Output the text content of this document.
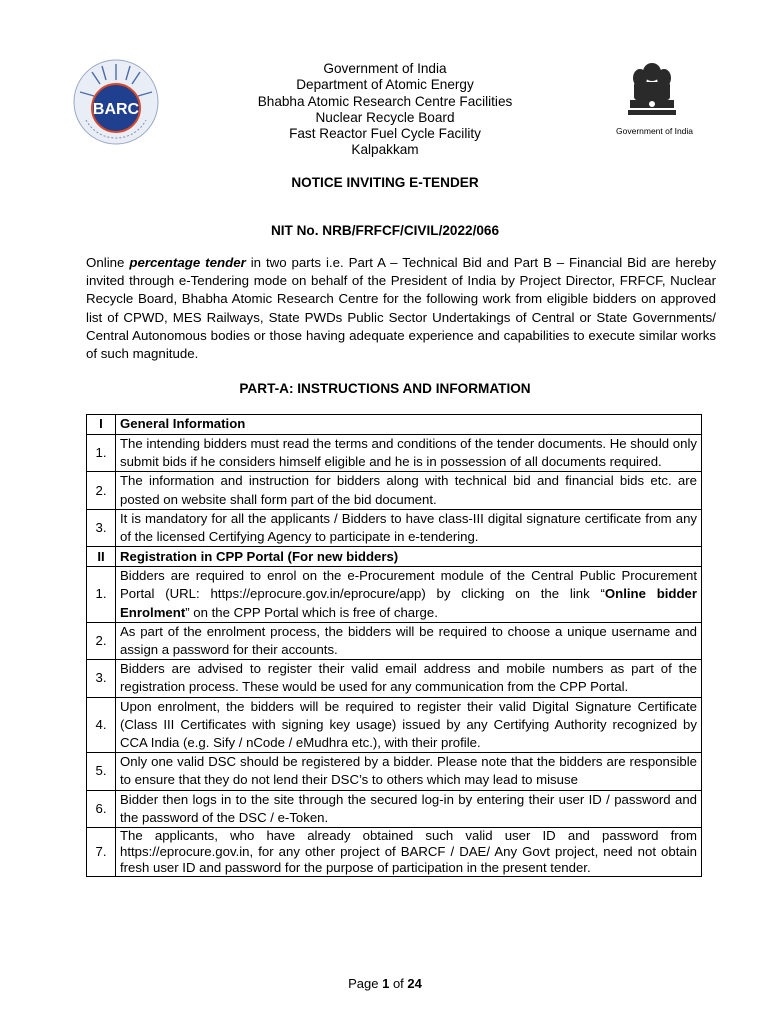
BARC
Government of India
Department of Atomic Energy
Bhabha Atomic Research Centre Facilities
Nuclear Recycle Board
Fast Reactor Fuel Cycle Facility
Kalpakkam
Government of India
NOTICE INVITING E-TENDER
NIT No. NRB/FRFCF/CIVIL/2022/066
Online percentage tender in two parts i.e. Part A – Technical Bid and Part B – Financial Bid are hereby invited through e-Tendering mode on behalf of the President of India by Project Director, FRFCF, Nuclear Recycle Board, Bhabha Atomic Research Centre for the following work from eligible bidders on approved list of CPWD, MES Railways, State PWDs Public Sector Undertakings of Central or State Governments/ Central Autonomous bodies or those having adequate experience and capabilities to execute similar works of such magnitude.
PART-A: INSTRUCTIONS AND INFORMATION
I	General Information
1.	The intending bidders must read the terms and conditions of the tender documents. He should only submit bids if he considers himself eligible and he is in possession of all documents required.
2.	The information and instruction for bidders along with technical bid and financial bids etc. are posted on website shall form part of the bid document.
3.	It is mandatory for all the applicants / Bidders to have class-III digital signature certificate from any of the licensed Certifying Agency to participate in e-tendering.
II	Registration in CPP Portal (For new bidders)
1.	Bidders are required to enrol on the e-Procurement module of the Central Public Procurement Portal (URL: https://eprocure.gov.in/eprocure/app) by clicking on the link “Online bidder Enrolment” on the CPP Portal which is free of charge.
2.	As part of the enrolment process, the bidders will be required to choose a unique username and assign a password for their accounts.
3.	Bidders are advised to register their valid email address and mobile numbers as part of the registration process. These would be used for any communication from the CPP Portal.
4.	Upon enrolment, the bidders will be required to register their valid Digital Signature Certificate (Class III Certificates with signing key usage) issued by any Certifying Authority recognized by CCA India (e.g. Sify / nCode / eMudhra etc.), with their profile.
5.	Only one valid DSC should be registered by a bidder. Please note that the bidders are responsible to ensure that they do not lend their DSC’s to others which may lead to misuse
6.	Bidder then logs in to the site through the secured log-in by entering their user ID / password and the password of the DSC / e-Token.
7.	The applicants, who have already obtained such valid user ID and password from https://eprocure.gov.in, for any other project of BARCF / DAE/ Any Govt project, need not obtain fresh user ID and password for the purpose of participation in the present tender.
Page 1 of 24
